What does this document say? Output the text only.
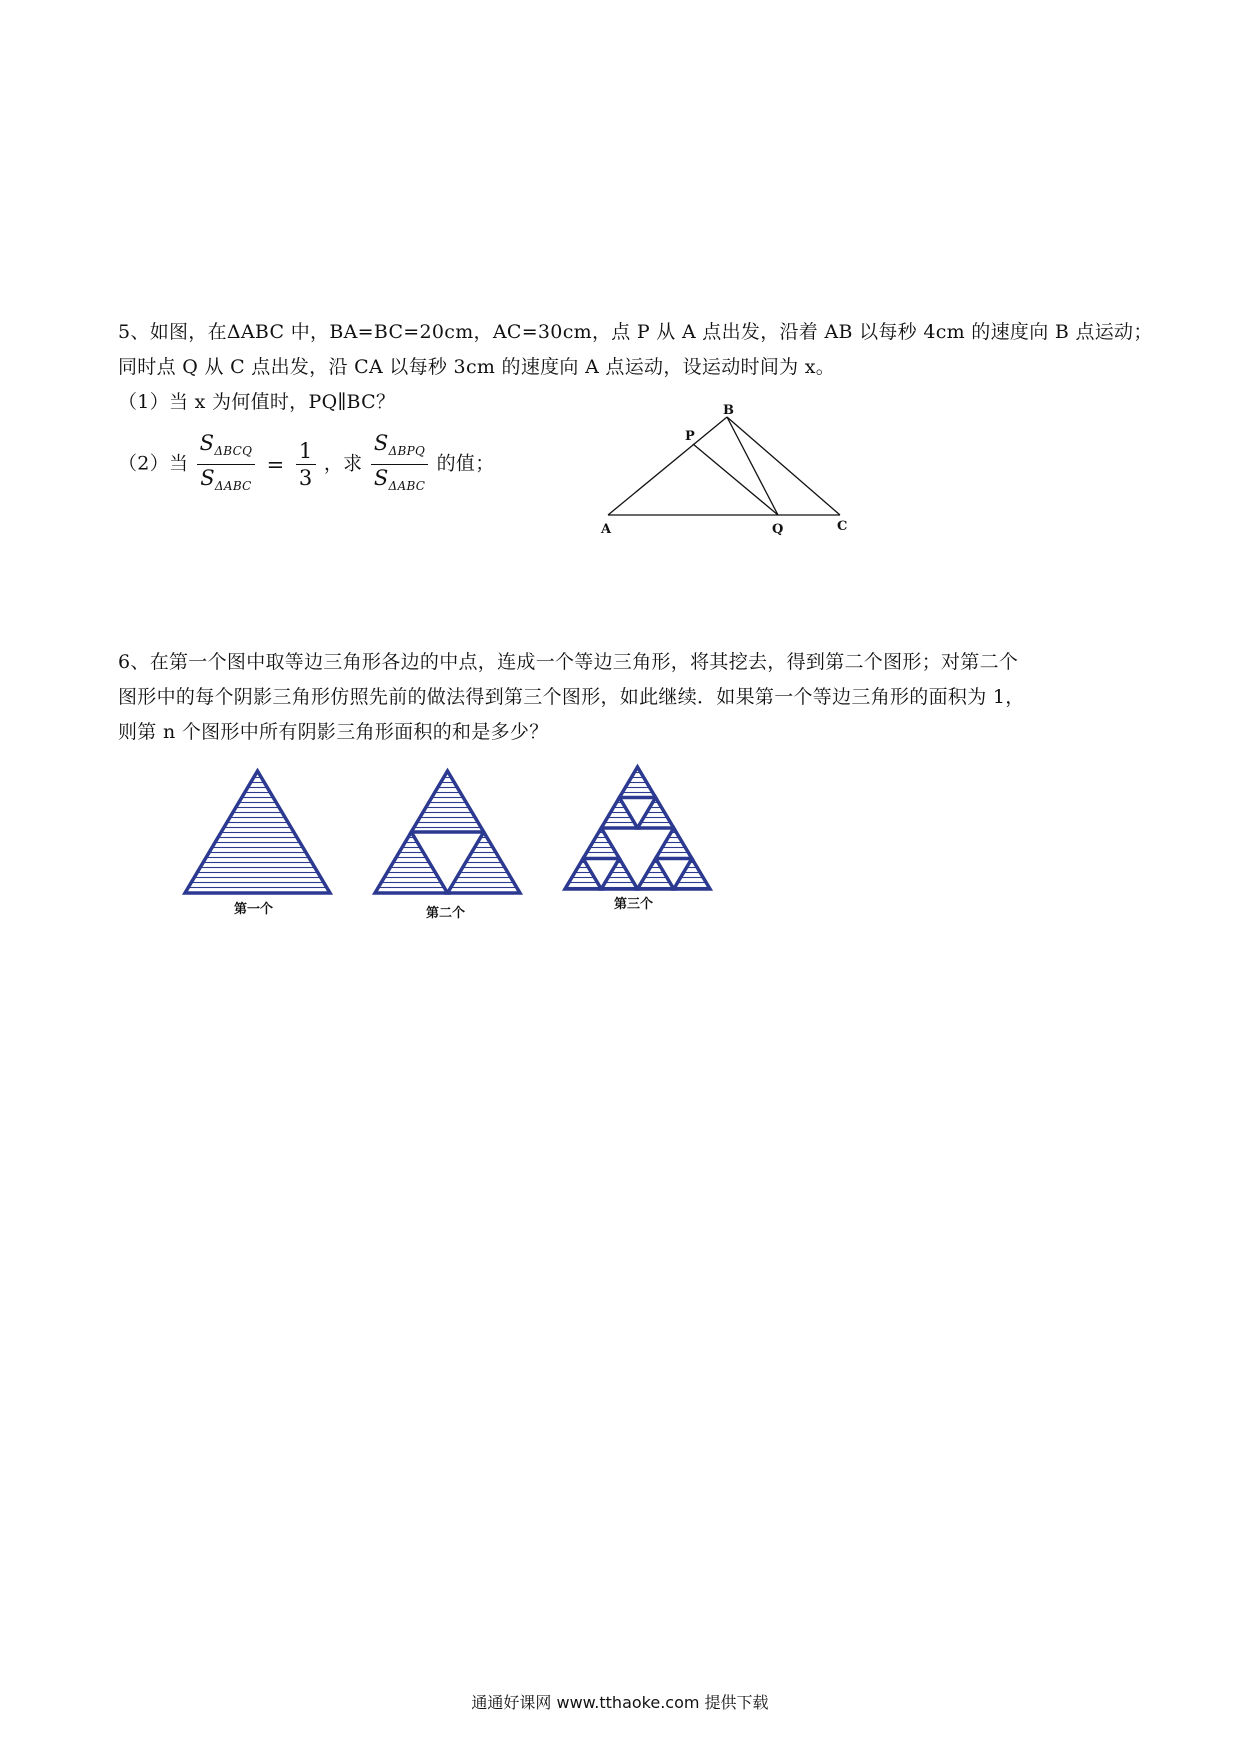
5、如图，在ΔABC 中，BA=BC=20cm，AC=30cm，点 P 从 A 点出发，沿着 AB 以每秒 4cm 的速度向 B 点运动；
同时点 Q 从 C 点出发，沿 CA 以每秒 3cm 的速度向 A 点运动，设运动时间为 x。
（1）当 x 为何值时，PQ∥BC？
（2）当 $\frac{S_{\Delta BCQ}}{S_{\Delta ABC}} = \frac{1}{3}$ ，求 $\frac{S_{\Delta BPQ}}{S_{\Delta ABC}}$ 的值；
A
B
C
P
Q
6、在第一个图中取等边三角形各边的中点，连成一个等边三角形，将其挖去，得到第二个图形；对第二个
图形中的每个阴影三角形仿照先前的做法得到第三个图形，如此继续．如果第一个等边三角形的面积为 1，
则第 n 个图形中所有阴影三角形面积的和是多少？
第一个	第二个
第三个
通通好课网 www.tthaoke.com 提供下载
